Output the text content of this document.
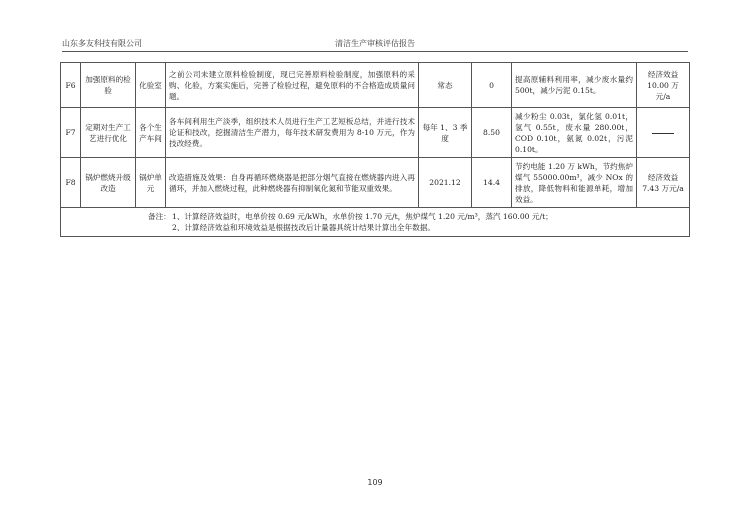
山东多友科技有限公司	清洁生产审核评估报告
F6	加强原料的检验	化验室	之前公司未建立原料检验制度，现已完善原料检验制度，加强原料的采购、化验，方案实施后，完善了检验过程，避免原料的不合格造成质量问题。	常态	0	提高原辅料利用率，减少废水量约 500t，减少污泥 0.15t。	经济效益 10.00 万元/a
F7	定期对生产工艺进行优化	各个生产车间	各车间利用生产淡季，组织技术人员进行生产工艺短板总结，并进行技术论证和技改，挖掘清洁生产潜力，每年技术研发费用为 8-10 万元，作为技改经费。	每年 1、3 季度	8.50	减少粉尘 0.03t，氯化氢 0.01t，氢气 0.55t，废水量 280.00t，COD 0.10t，氨氮 0.02t，污泥 0.10t。	
F8	锅炉燃烧升级改造	锅炉单元	改造措施及效果：自身再循环燃烧器是把部分烟气直接在燃烧器内进入再循环，并加入燃烧过程，此种燃烧器有抑制氧化氮和节能双重效果。	2021.12	14.4	节约电能 1.20 万 kWh，节约焦炉煤气 55000.00m³，减少 NOx 的排放，降低物料和能源单耗，增加效益。	经济效益 7.43 万元/a

备注： 1、计算经济效益时，电单价按 0.69 元/kWh，水单价按 1.70 元/t，焦炉煤气 1.20 元/m³，蒸汽 160.00 元/t；
2、计算经济效益和环境效益是根据技改后计量器具统计结果计算出全年数据。							
109
